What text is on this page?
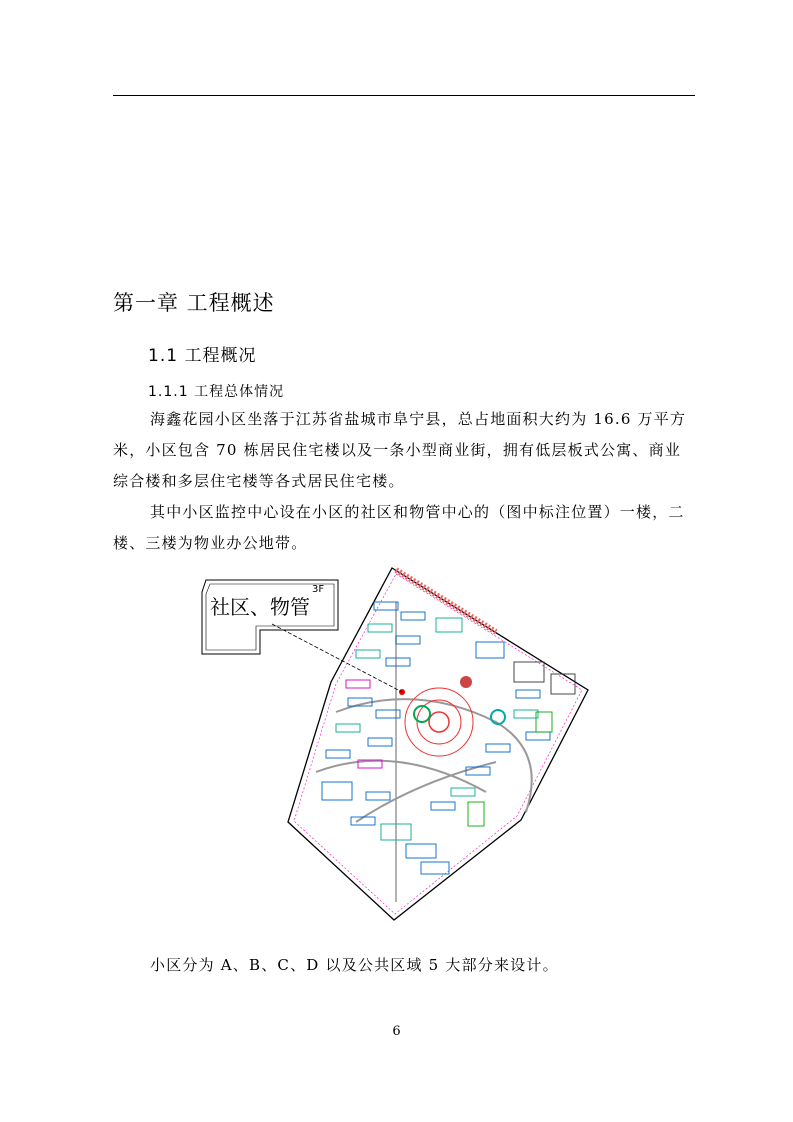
第一章 工程概述
1.1 工程概况
1.1.1 工程总体情况

海鑫花园小区坐落于江苏省盐城市阜宁县，总占地面积大约为 16.6 万平方米，小区包含 70 栋居民住宅楼以及一条小型商业街，拥有低层板式公寓、商业综合楼和多层住宅楼等各式居民住宅楼。

其中小区监控中心设在小区的社区和物管中心的（图中标注位置）一楼，二楼、三楼为物业办公地带。

社区、物管
3F

小区分为 A、B、C、D 以及公共区域 5 大部分来设计。

6
